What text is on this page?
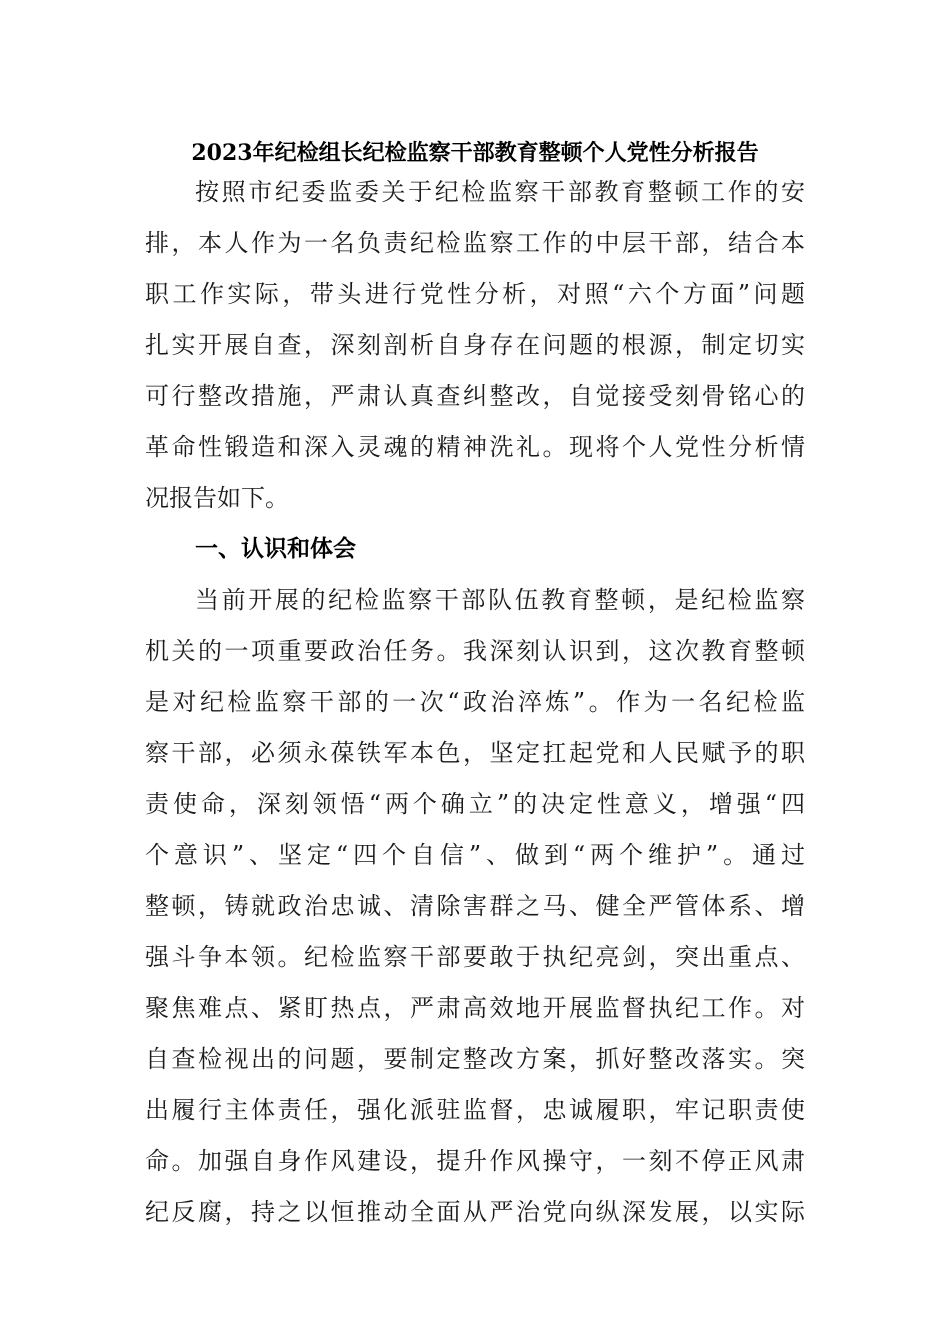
2023年纪检组长纪检监察干部教育整顿个人党性分析报告
按照市纪委监委关于纪检监察干部教育整顿工作的安
排，本人作为一名负责纪检监察工作的中层干部，结合本
职工作实际，带头进行党性分析，对照“六个方面”问题
扎实开展自查，深刻剖析自身存在问题的根源，制定切实
可行整改措施，严肃认真查纠整改，自觉接受刻骨铭心的
革命性锻造和深入灵魂的精神洗礼。现将个人党性分析情
况报告如下。
一、认识和体会
当前开展的纪检监察干部队伍教育整顿，是纪检监察
机关的一项重要政治任务。我深刻认识到，这次教育整顿
是对纪检监察干部的一次“政治淬炼”。作为一名纪检监
察干部，必须永葆铁军本色，坚定扛起党和人民赋予的职
责使命，深刻领悟“两个确立”的决定性意义，增强“四
个意识”、坚定“四个自信”、做到“两个维护”。通过
整顿，铸就政治忠诚、清除害群之马、健全严管体系、增
强斗争本领。纪检监察干部要敢于执纪亮剑，突出重点、
聚焦难点、紧盯热点，严肃高效地开展监督执纪工作。对
自查检视出的问题，要制定整改方案，抓好整改落实。突
出履行主体责任，强化派驻监督，忠诚履职，牢记职责使
命。加强自身作风建设，提升作风操守，一刻不停正风肃
纪反腐，持之以恒推动全面从严治党向纵深发展，以实际
